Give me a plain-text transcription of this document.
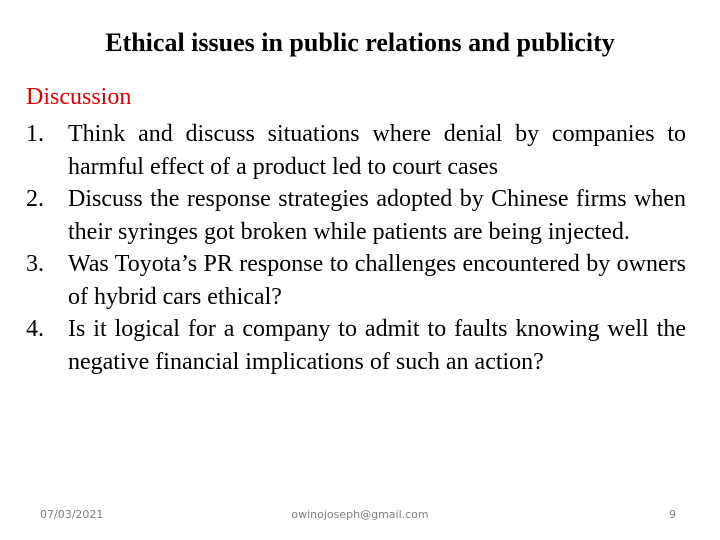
Ethical issues in public relations and publicity
Discussion
1. Think and discuss situations where denial by companies to harmful effect of a product led to court cases
2. Discuss the response strategies adopted by Chinese firms when their syringes got broken while patients are being injected.
3. Was Toyota’s PR response to challenges encountered by owners of hybrid cars ethical?
4. Is it logical for a company to admit to faults knowing well the negative financial implications of such an action?
07/03/2021	owinojoseph@gmail.com	9
